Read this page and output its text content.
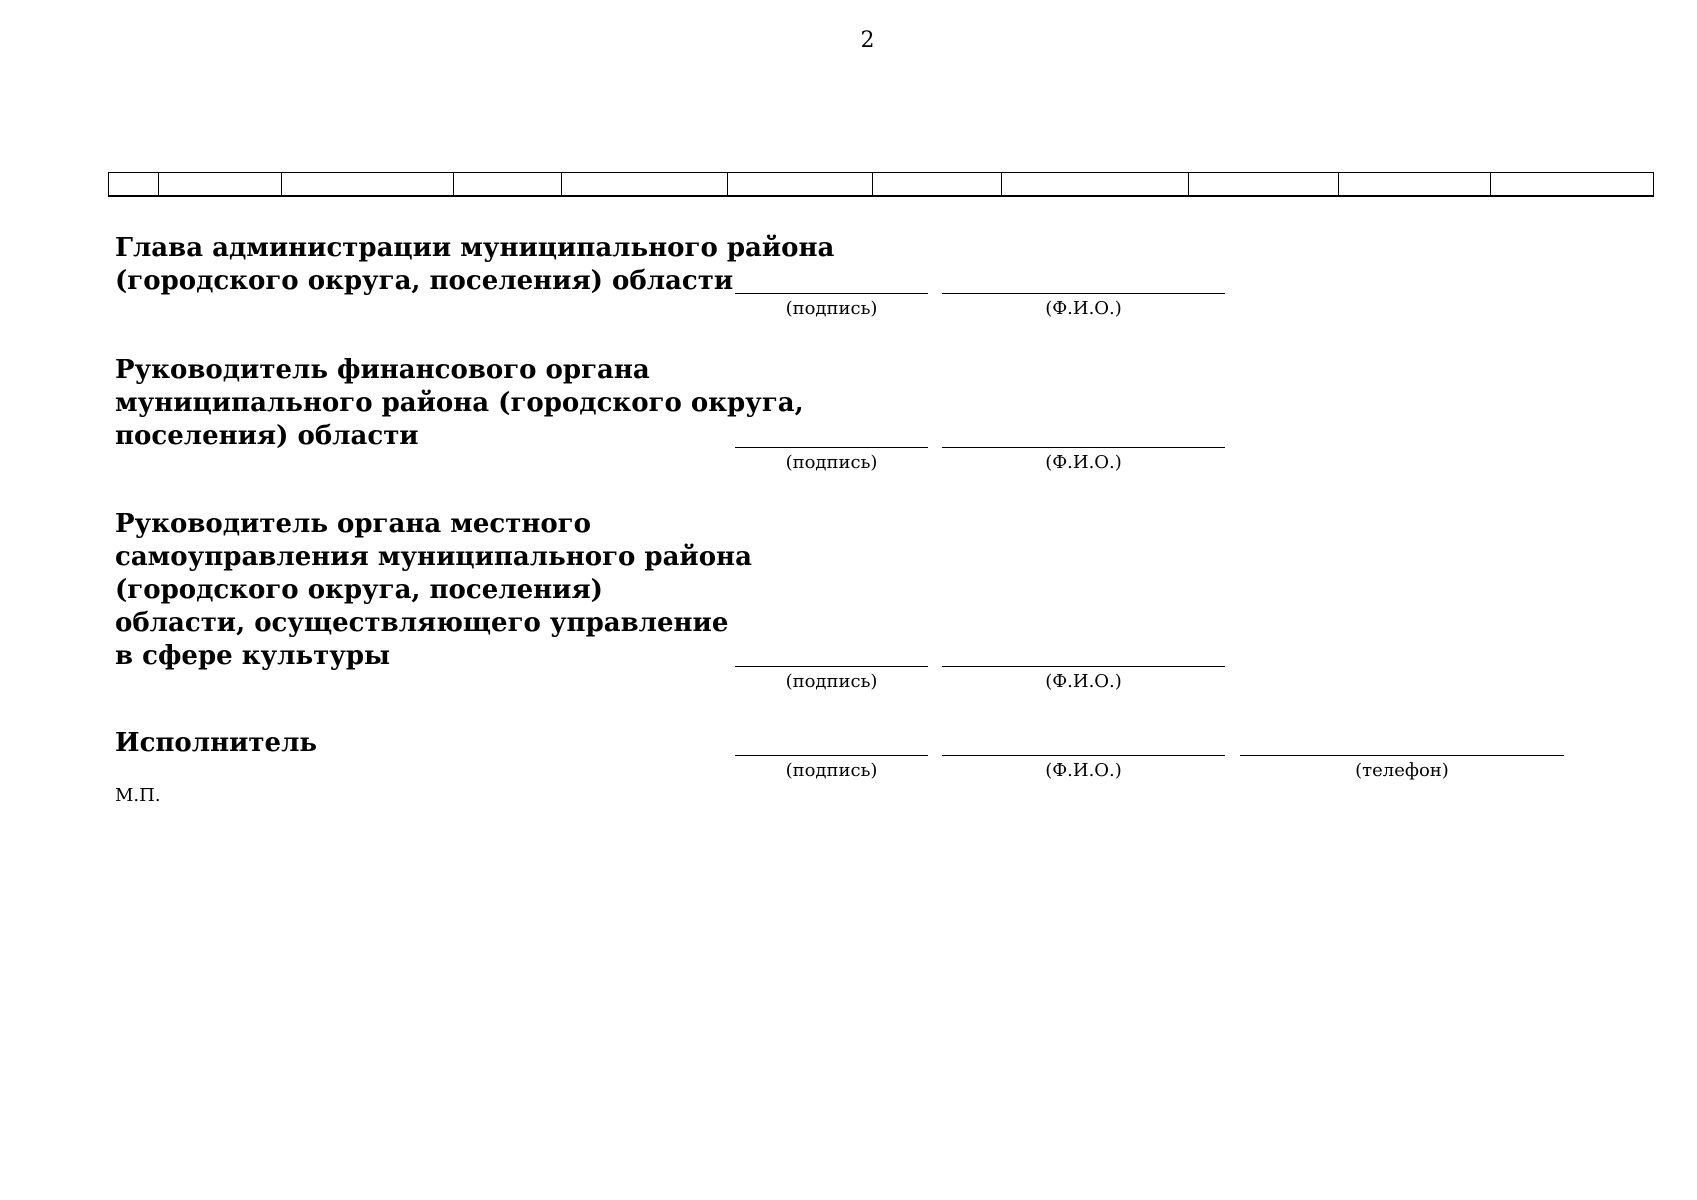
2

Глава администрации муниципального района
(городского округа, поселения) области
(подпись)	(Ф.И.О.)
Руководитель финансового органа
муниципального района (городского округа,
поселения) области
(подпись)	(Ф.И.О.)
Руководитель органа местного
самоуправления муниципального района
(городского округа, поселения)
области, осуществляющего управление
в сфере культуры
(подпись)	(Ф.И.О.)
Исполнитель
(подпись)	(Ф.И.О.)	(телефон)
М.П.
